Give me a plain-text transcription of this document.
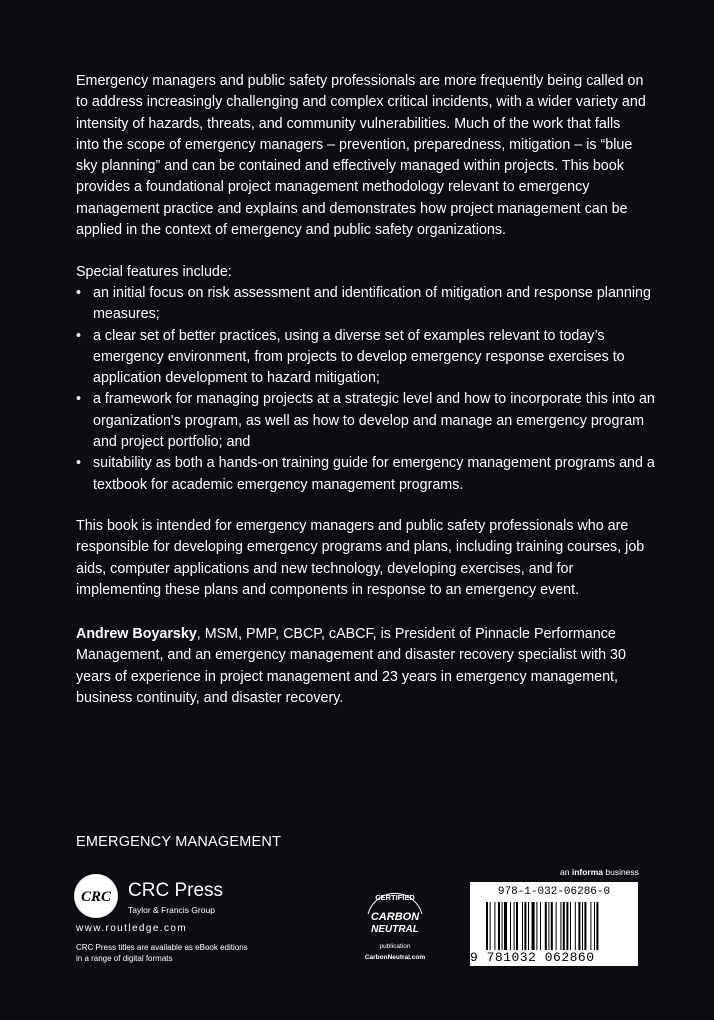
Emergency managers and public safety professionals are more frequently being called on to address increasingly challenging and complex critical incidents, with a wider variety and intensity of hazards, threats, and community vulnerabilities. Much of the work that falls into the scope of emergency managers – prevention, preparedness, mitigation – is “blue sky planning” and can be contained and effectively managed within projects. This book provides a foundational project management methodology relevant to emergency management practice and explains and demonstrates how project management can be applied in the context of emergency and public safety organizations.

Special features include:

• an initial focus on risk assessment and identification of mitigation and response planning measures;
• a clear set of better practices, using a diverse set of examples relevant to today’s emergency environment, from projects to develop emergency response exercises to application development to hazard mitigation;
• a framework for managing projects at a strategic level and how to incorporate this into an organization's program, as well as how to develop and manage an emergency program and project portfolio; and
• suitability as both a hands-on training guide for emergency management programs and a textbook for academic emergency management programs.

This book is intended for emergency managers and public safety professionals who are responsible for developing emergency programs and plans, including training courses, job aids, computer applications and new technology, developing exercises, and for implementing these plans and components in response to an emergency event.

Andrew Boyarsky, MSM, PMP, CBCP, cABCF, is President of Pinnacle Performance Management, and an emergency management and disaster recovery specialist with 30 years of experience in project management and 23 years in emergency management, business continuity, and disaster recovery.

EMERGENCY MANAGEMENT
CRC CRC Press
Taylor & Francis Group
www.routledge.com
CRC Press titles are available as eBook editions
in a range of digital formats
CERTIFIED
CARBON
NEUTRAL
publication
CarbonNeutral.com
an informa business
978-1-032-06286-0
9 781032 062860
